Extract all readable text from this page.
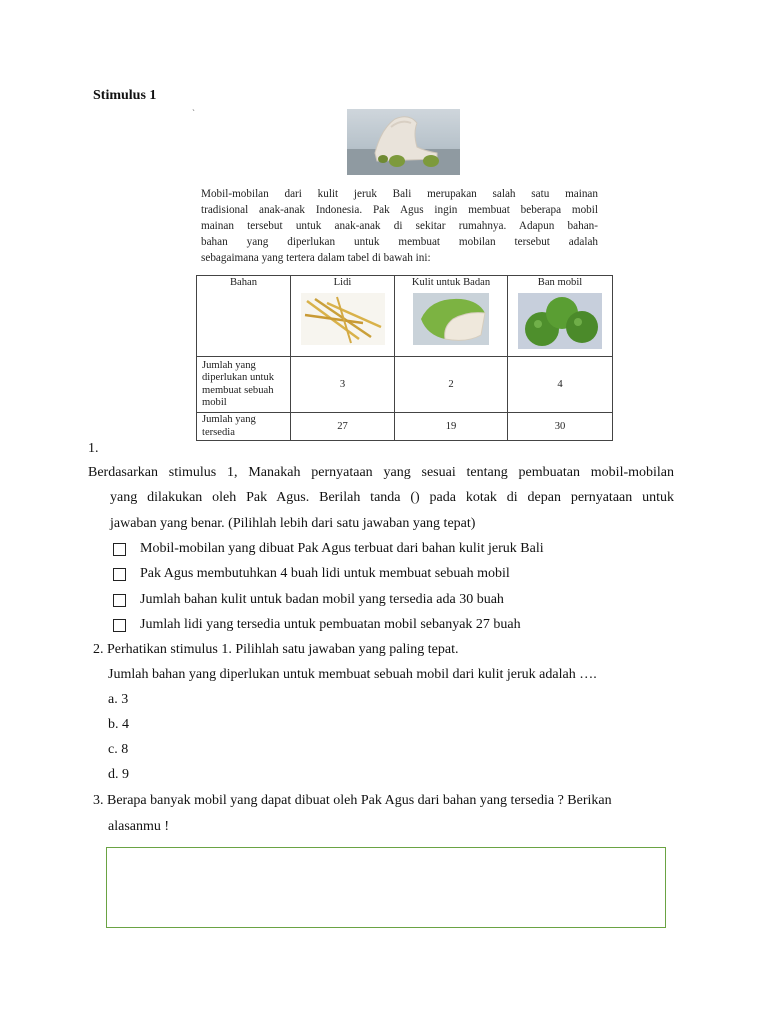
Stimulus 1
ˏ
Mobil-mobilan dari kulit jeruk Bali merupakan salah satu mainan
tradisional anak-anak Indonesia. Pak Agus ingin membuat beberapa mobil
mainan tersebut untuk anak-anak di sekitar rumahnya. Adapun bahan-
bahan yang diperlukan untuk membuat mobilan tersebut adalah
sebagaimana yang tertera dalam tabel di bawah ini:
Bahan	Lidi	Kulit untuk Badan	Ban mobil

Jumlah yang diperlukan untuk membuat sebuah mobil	3	2	4
Jumlah yang tersedia	27	19	30
1.
Berdasarkan stimulus 1, Manakah pernyataan yang sesuai tentang pembuatan mobil-mobilan
yang dilakukan oleh Pak Agus. Berilah tanda () pada kotak di depan pernyataan untuk
jawaban yang benar. (Pilihlah lebih dari satu jawaban yang tepat)
Mobil-mobilan yang dibuat Pak Agus terbuat dari bahan kulit jeruk Bali
Pak Agus membutuhkan 4 buah lidi untuk membuat sebuah mobil
Jumlah bahan kulit untuk badan mobil yang tersedia ada 30 buah
Jumlah lidi yang tersedia untuk pembuatan mobil sebanyak 27 buah
2. Perhatikan stimulus 1. Pilihlah satu jawaban yang paling tepat.
Jumlah bahan yang diperlukan untuk membuat sebuah mobil dari kulit jeruk adalah ….
a. 3
b. 4
c. 8
d. 9
3. Berapa banyak mobil yang dapat dibuat oleh Pak Agus dari bahan yang tersedia ? Berikan
alasanmu !
